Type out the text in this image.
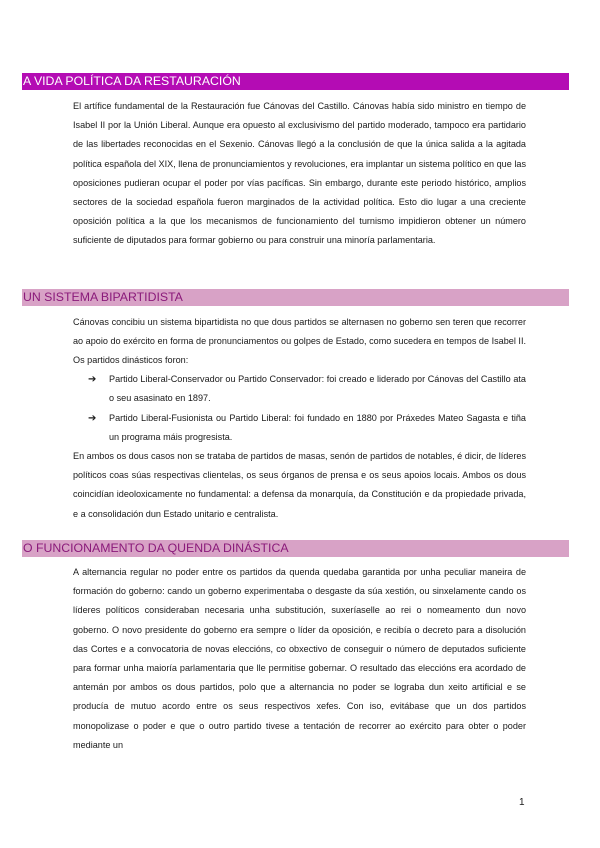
A VIDA POLÍTICA DA RESTAURACIÓN

El artífice fundamental de la Restauración fue Cánovas del Castillo. Cánovas había sido ministro en tiempo de Isabel II por la Unión Liberal. Aunque era opuesto al exclusivismo del partido moderado, tampoco era partidario de las libertades reconocidas en el Sexenio. Cánovas llegó a la conclusión de que la única salida a la agitada política española del XIX, llena de pronunciamientos y revoluciones, era implantar un sistema político en que las oposiciones pudieran ocupar el poder por vías pacíficas. Sin embargo, durante este periodo histórico, amplios sectores de la sociedad española fueron marginados de la actividad política. Esto dio lugar a una creciente oposición política a la que los mecanismos de funcionamiento del turnismo impidieron obtener un número suficiente de diputados para formar gobierno ou para construir una minoría parlamentaria.

UN SISTEMA BIPARTIDISTA

Cánovas concibiu un sistema bipartidista no que dous partidos se alternasen no goberno sen teren que recorrer ao apoio do exército en forma de pronunciamentos ou golpes de Estado, como sucedera en tempos de Isabel II. Os partidos dinásticos foron:

➔	Partido Liberal-Conservador ou Partido Conservador: foi creado e liderado por Cánovas del Castillo ata o seu asasinato en 1897.
➔	Partido Liberal-Fusionista ou Partido Liberal: foi fundado en 1880 por Práxedes Mateo Sagasta e tiña un programa máis progresista.

En ambos os dous casos non se trataba de partidos de masas, senón de partidos de notables, é dicir, de líderes políticos coas súas respectivas clientelas, os seus órganos de prensa e os seus apoios locais. Ambos os dous coincidían ideoloxicamente no fundamental: a defensa da monarquía, da Constitución e da propiedade privada, e a consolidación dun Estado unitario e centralista.

O FUNCIONAMENTO DA QUENDA DINÁSTICA

A alternancia regular no poder entre os partidos da quenda quedaba garantida por unha peculiar maneira de formación do goberno: cando un goberno experimentaba o desgaste da súa xestión, ou sinxelamente cando os líderes políticos consideraban necesaria unha substitución, suxeríaselle ao rei o nomeamento dun novo goberno. O novo presidente do goberno era sempre o líder da oposición, e recibía o decreto para a disolución das Cortes e a convocatoria de novas eleccións, co obxectivo de conseguir o número de deputados suficiente para formar unha maioría parlamentaria que lle permitise gobernar. O resultado das eleccións era acordado de antemán por ambos os dous partidos, polo que a alternancia no poder se lograba dun xeito artificial e se producía de mutuo acordo entre os seus respectivos xefes. Con iso, evitábase que un dos partidos monopolizase o poder e que o outro partido tivese a tentación de recorrer ao exército para obter o poder mediante un

1
